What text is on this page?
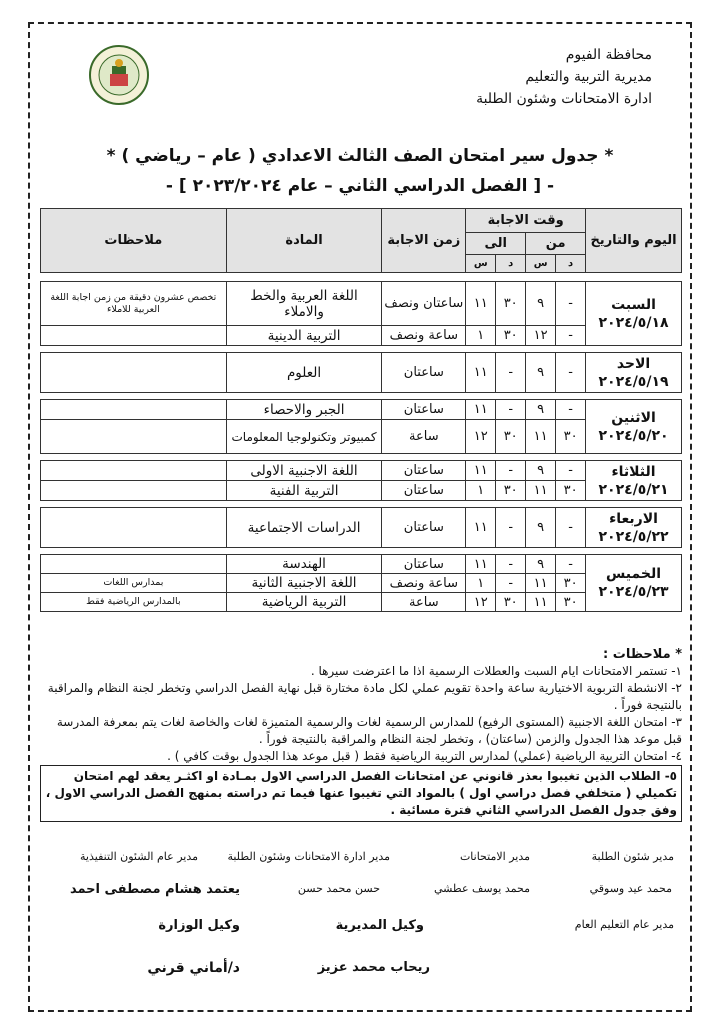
محافظة الفيوم
مديرية التربية والتعليم
ادارة الامتحانات وشئون الطلبة
* جدول سير امتحان الصف الثالث الاعدادي ( عام – رياضي ) *
- [ الفصل الدراسي الثاني – عام ٢٠٢٣/٢٠٢٤ ] -
اليوم والتاريخ	وقت الاجابة				زمن الاجابة	المادة	ملاحظات
	من		الى				
	د	س	د	س			

السبت
٢٠٢٤/٥/١٨	-	٩	٣٠	١١	ساعتان ونصف	اللغة العربية والخط والاملاء	تخصص عشرون دقيقة من زمن اجابة اللغة العربية للاملاء
	-	١٢	٣٠	١	ساعة ونصف	التربية الدينية	

الاحد
٢٠٢٤/٥/١٩	-	٩	-	١١	ساعتان	العلوم	

الاثنين
٢٠٢٤/٥/٢٠	-	٩	-	١١	ساعتان	الجبر والاحصاء	
	٣٠	١١	٣٠	١٢	ساعة	كمبيوتر وتكنولوجيا المعلومات	

الثلاثاء
٢٠٢٤/٥/٢١	-	٩	-	١١	ساعتان	اللغة الاجنبية الاولى	
	٣٠	١١	٣٠	١	ساعتان	التربية الفنية	

الاربعاء
٢٠٢٤/٥/٢٢	-	٩	-	١١	ساعتان	الدراسات الاجتماعية	

الخميس
٢٠٢٤/٥/٢٣	-	٩	-	١١	ساعتان	الهندسة	
	٣٠	١١	-	١	ساعة ونصف	اللغة الاجنبية الثانية	بمدارس اللغات
	٣٠	١١	٣٠	١٢	ساعة	التربية الرياضية	بالمدارس الرياضية فقط

* ملاحظات :

١- تستمر الامتحانات ايام السبت والعطلات الرسمية اذا ما اعترضت سيرها .

٢- الانشطة التربوية الاختيارية ساعة واحدة تقويم عملي لكل مادة مختارة قبل نهاية الفصل الدراسي وتخطر لجنة النظام والمراقبة بالنتيجة فوراً .

٣- امتحان اللغة الاجنبية (المستوى الرفيع) للمدارس الرسمية لغات والرسمية المتميزة لغات والخاصة لغات يتم بمعرفة المدرسة قبل موعد هذا الجدول والزمن (ساعتان) ، وتخطر لجنة النظام والمراقبة بالنتيجة فوراً .

٤- امتحان التربية الرياضية (عملي) لمدارس التربية الرياضية فقط ( قبل موعد هذا الجدول بوقت كافي ) .

٥- الطلاب الذين تغيبوا بعذر قانوني عن امتحانات الفصل الدراسي الاول بمـادة او اكثـر يعقد لهم امتحان تكميلي ( متخلفي فصل دراسي اول ) بالمواد التي تغيبوا عنها فيما تم دراسته بمنهج الفصل الدراسي الاول ، وفق جدول الفصل الدراسي الثاني فترة مسائية .

مدير شئون الطلبة
مدير الامتحانات
مدير ادارة الامتحانات وشئون الطلبة
مدير عام الشئون التنفيذية
محمد عيد وسوقي
محمد يوسف عطشي
حسن محمد حسن
يعتمد هشام مصطفى احمد
مدير عام التعليم العام
وكيل المديرية
وكيل الوزارة
ريحاب محمد عزيز
د/أماني قرني
